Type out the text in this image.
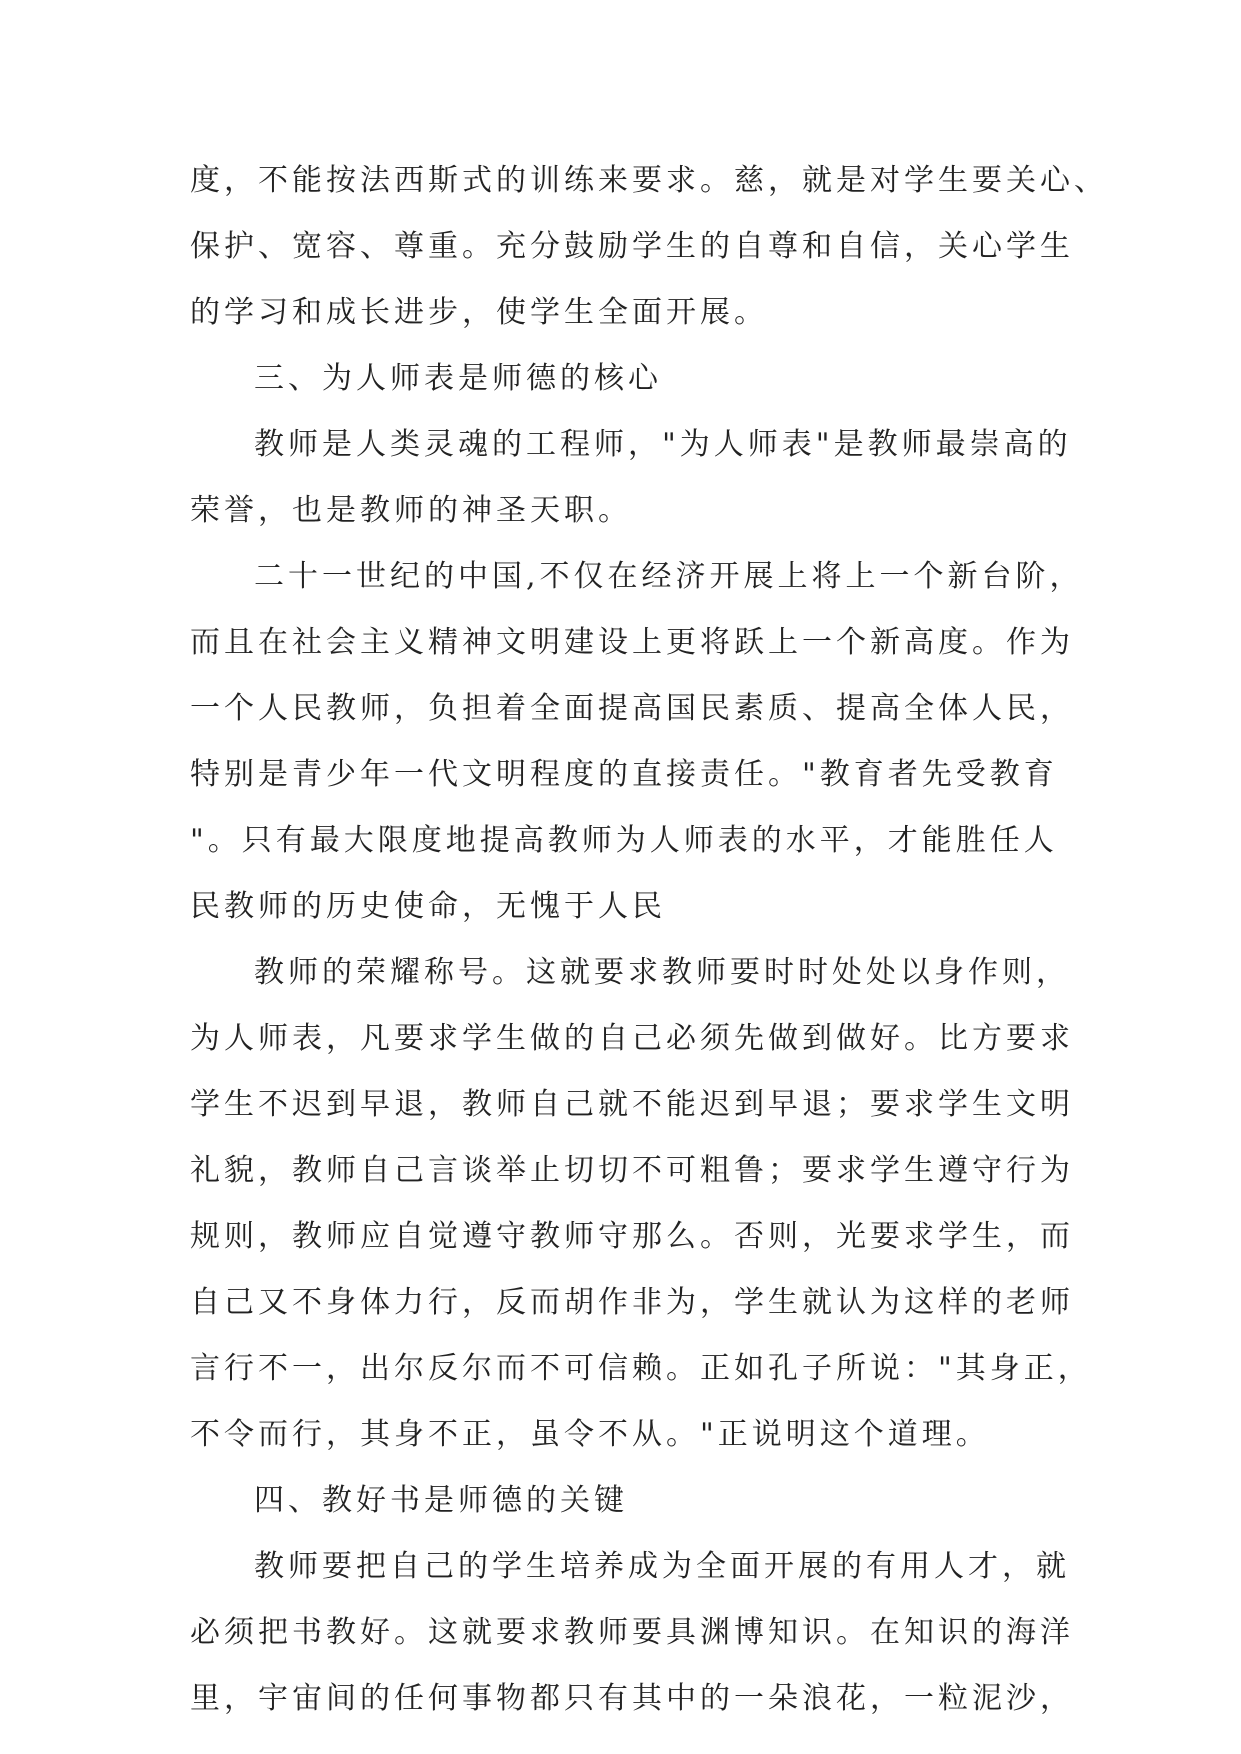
度，不能按法西斯式的训练来要求。慈，就是对学生要关心、
保护、宽容、尊重。充分鼓励学生的自尊和自信，关心学生
的学习和成长进步，使学生全面开展。
三、为人师表是师德的核心
教师是人类灵魂的工程师，"为人师表"是教师最崇高的
荣誉，也是教师的神圣天职。
二十一世纪的中国,不仅在经济开展上将上一个新台阶，
而且在社会主义精神文明建设上更将跃上一个新高度。作为
一个人民教师，负担着全面提高国民素质、提高全体人民，
特别是青少年一代文明程度的直接责任。"教育者先受教育
"。只有最大限度地提高教师为人师表的水平，才能胜任人
民教师的历史使命，无愧于人民
教师的荣耀称号。这就要求教师要时时处处以身作则，
为人师表，凡要求学生做的自己必须先做到做好。比方要求
学生不迟到早退，教师自己就不能迟到早退；要求学生文明
礼貌，教师自己言谈举止切切不可粗鲁；要求学生遵守行为
规则，教师应自觉遵守教师守那么。否则，光要求学生，而
自己又不身体力行，反而胡作非为，学生就认为这样的老师
言行不一，出尔反尔而不可信赖。正如孔子所说："其身正，
不令而行，其身不正，虽令不从。"正说明这个道理。
四、教好书是师德的关键
教师要把自己的学生培养成为全面开展的有用人才，就
必须把书教好。这就要求教师要具渊博知识。在知识的海洋
里，宇宙间的任何事物都只有其中的一朵浪花，一粒泥沙，
